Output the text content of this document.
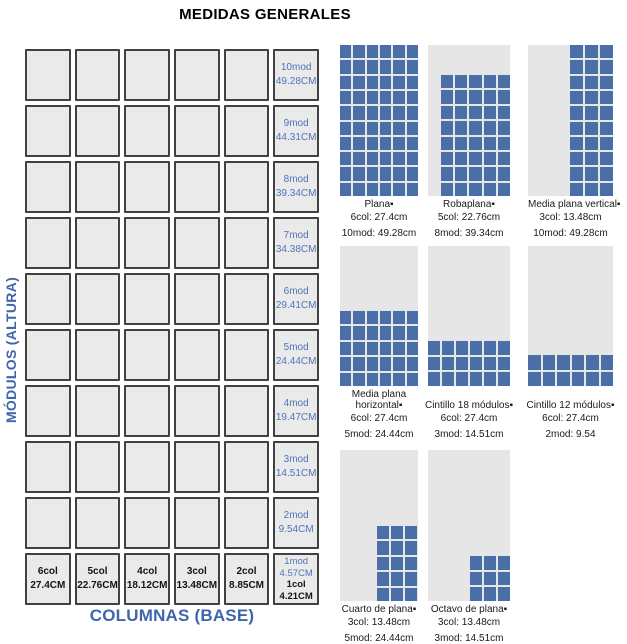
MEDIDAS GENERALES
MÓDULOS (ALTURA)
10mod
49.28CM
9mod
44.31CM
8mod
39.34CM
7mod
34.38CM
6mod
29.41CM
5mod
24.44CM
4mod
19.47CM
3mod
14.51CM
2mod
9.54CM
6col
27.4CM
5col
22.76CM
4col
18.12CM
3col
13.48CM
2col
8.85CM
1mod
4.57CM
1col
4.21CM
COLUMNAS (BASE)
Plana▪
6col: 27.4cm
10mod: 49.28cm
Robaplana▪
5col: 22.76cm
8mod: 39.34cm
Media plana vertical▪
3col: 13.48cm
10mod: 49.28cm
Media plana
horizontal▪
6col: 27.4cm
5mod: 24.44cm
Cintillo 18 módulos▪
6col: 27.4cm
3mod: 14.51cm
Cintillo 12 módulos▪
6col: 27.4cm
2mod: 9.54
Cuarto de plana▪
3col: 13.48cm
5mod: 24.44cm
Octavo de plana▪
3col: 13.48cm
3mod: 14.51cm
